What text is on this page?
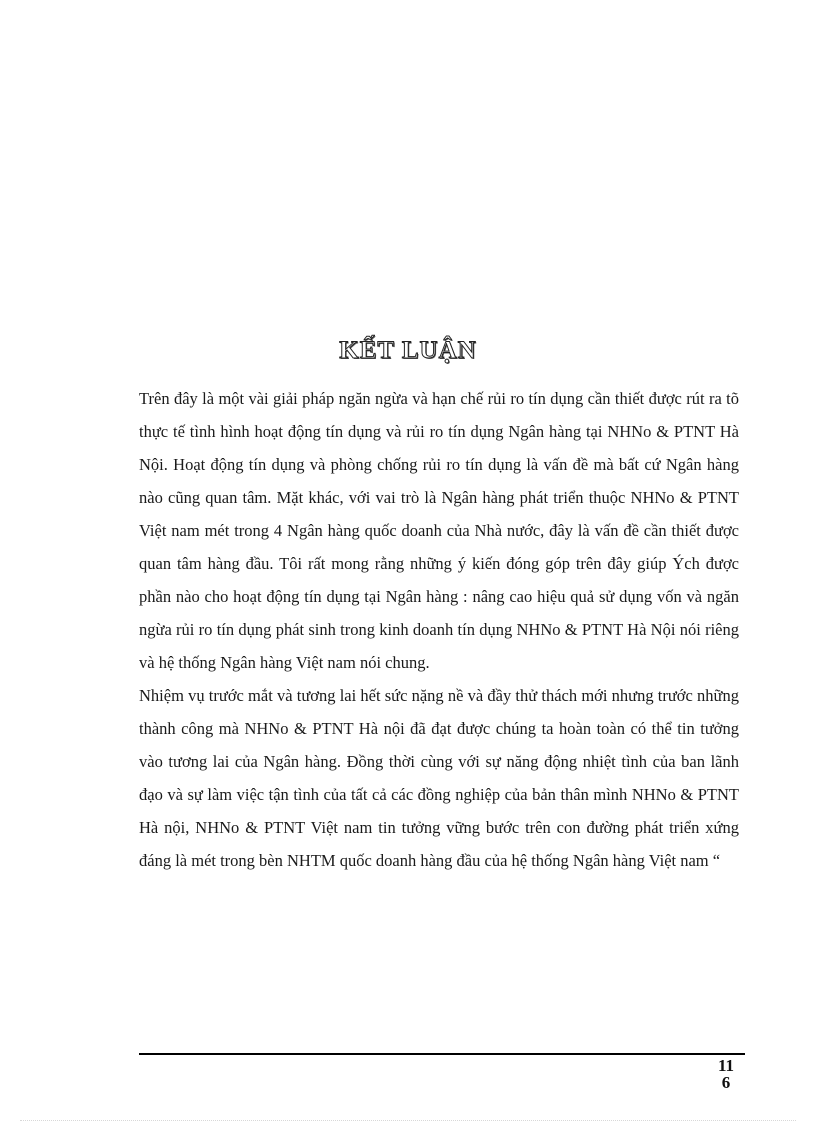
KẾT LUẬN

Trên đây là một vài giải pháp ngăn ngừa và hạn chế rủi ro tín dụng cần thiết được rút ra tõ thực tế tình hình hoạt động tín dụng và rủi ro tín dụng Ngân hàng tại NHNo & PTNT Hà Nội. Hoạt động tín dụng và phòng chống rủi ro tín dụng là vấn đề mà bất cứ Ngân hàng nào cũng quan tâm. Mặt khác, với vai trò là Ngân hàng phát triển thuộc NHNo & PTNT Việt nam mét trong 4 Ngân hàng quốc doanh của Nhà nước, đây là vấn đề cần thiết được quan tâm hàng đầu. Tôi rất mong rằng những ý kiến đóng góp trên đây giúp Ých được phần nào cho hoạt động tín dụng tại Ngân hàng : nâng cao hiệu quả sử dụng vốn và ngăn ngừa rủi ro tín dụng phát sinh trong kinh doanh tín dụng NHNo & PTNT Hà Nội nói riêng và hệ thống Ngân hàng Việt nam nói chung.

Nhiệm vụ trước mắt và tương lai hết sức nặng nề và đầy thử thách mới nhưng trước những thành công mà NHNo & PTNT Hà nội đã đạt được chúng ta hoàn toàn có thể tin tưởng vào tương lai của Ngân hàng. Đồng thời cùng với sự năng động nhiệt tình của ban lãnh đạo và sự làm việc tận tình của tất cả các đồng nghiệp của bản thân mình NHNo & PTNT Hà nội, NHNo & PTNT Việt nam tin tưởng vững bước trên con đường phát triển xứng đáng là mét trong bèn NHTM quốc doanh hàng đầu của hệ thống Ngân hàng Việt nam “

116
